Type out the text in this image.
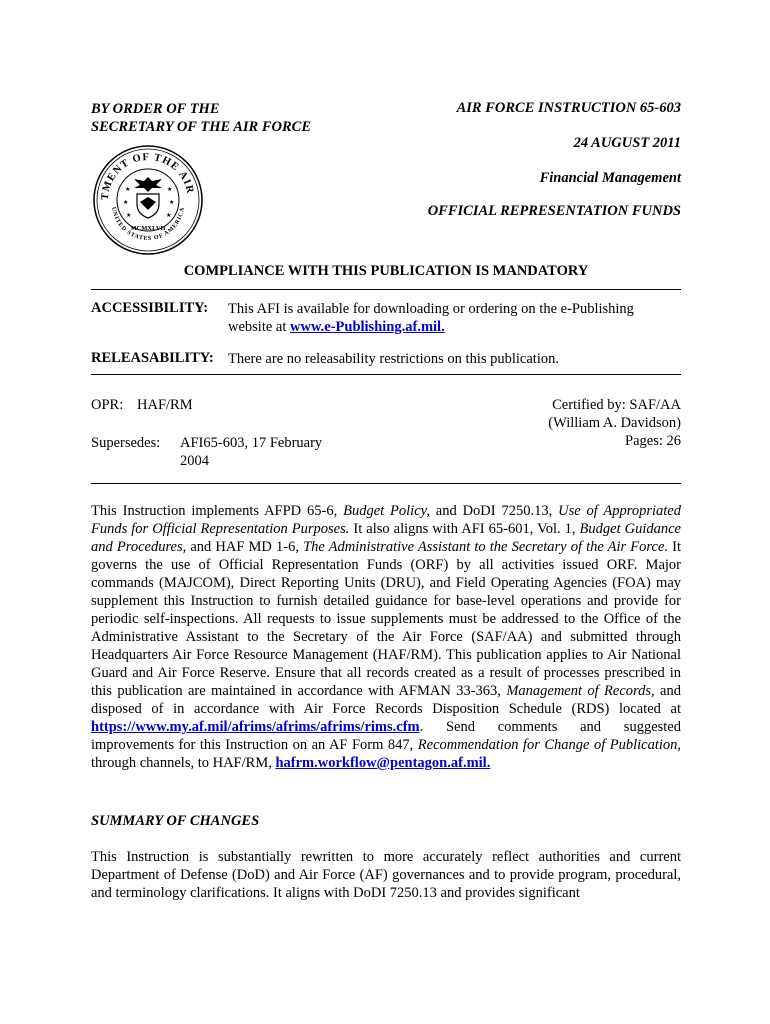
BY ORDER OF THE
SECRETARY OF THE AIR FORCE
AIR FORCE INSTRUCTION 65-603
24 AUGUST 2011
Financial Management
OFFICIAL REPRESENTATION FUNDS
TMENT OF THE AIR
UNITED STATES OF AMERICA
★	★
★	★
★	★
MCMXLVII
COMPLIANCE WITH THIS PUBLICATION IS MANDATORY
ACCESSIBILITY: This AFI is available for downloading or ordering on the e-Publishing
website at www.e-Publishing.af.mil.
RELEASABILITY: There are no releasability restrictions on this publication.
OPR: HAF/RM	Certified by: SAF/AA
(William A. Davidson)
Pages: 26
Supersedes: AFI65-603, 17 February
2004
This Instruction implements AFPD 65-6, Budget Policy, and DoDI 7250.13, Use of Appropriated Funds for Official Representation Purposes. It also aligns with AFI 65-601, Vol. 1, Budget Guidance and Procedures, and HAF MD 1-6, The Administrative Assistant to the Secretary of the Air Force. It governs the use of Official Representation Funds (ORF) by all activities issued ORF. Major commands (MAJCOM), Direct Reporting Units (DRU), and Field Operating Agencies (FOA) may supplement this Instruction to furnish detailed guidance for base-level operations and provide for periodic self-inspections. All requests to issue supplements must be addressed to the Office of the Administrative Assistant to the Secretary of the Air Force (SAF/AA) and submitted through Headquarters Air Force Resource Management (HAF/RM). This publication applies to Air National Guard and Air Force Reserve. Ensure that all records created as a result of processes prescribed in this publication are maintained in accordance with AFMAN 33-363, Management of Records, and disposed of in accordance with Air Force Records Disposition Schedule (RDS) located at https://www.my.af.mil/afrims/afrims/afrims/rims.cfm. Send comments and suggested improvements for this Instruction on an AF Form 847, Recommendation for Change of Publication, through channels, to HAF/RM, hafrm.workflow@pentagon.af.mil.
SUMMARY OF CHANGES
This Instruction is substantially rewritten to more accurately reflect authorities and current Department of Defense (DoD) and Air Force (AF) governances and to provide program, procedural, and terminology clarifications. It aligns with DoDI 7250.13 and provides significant
